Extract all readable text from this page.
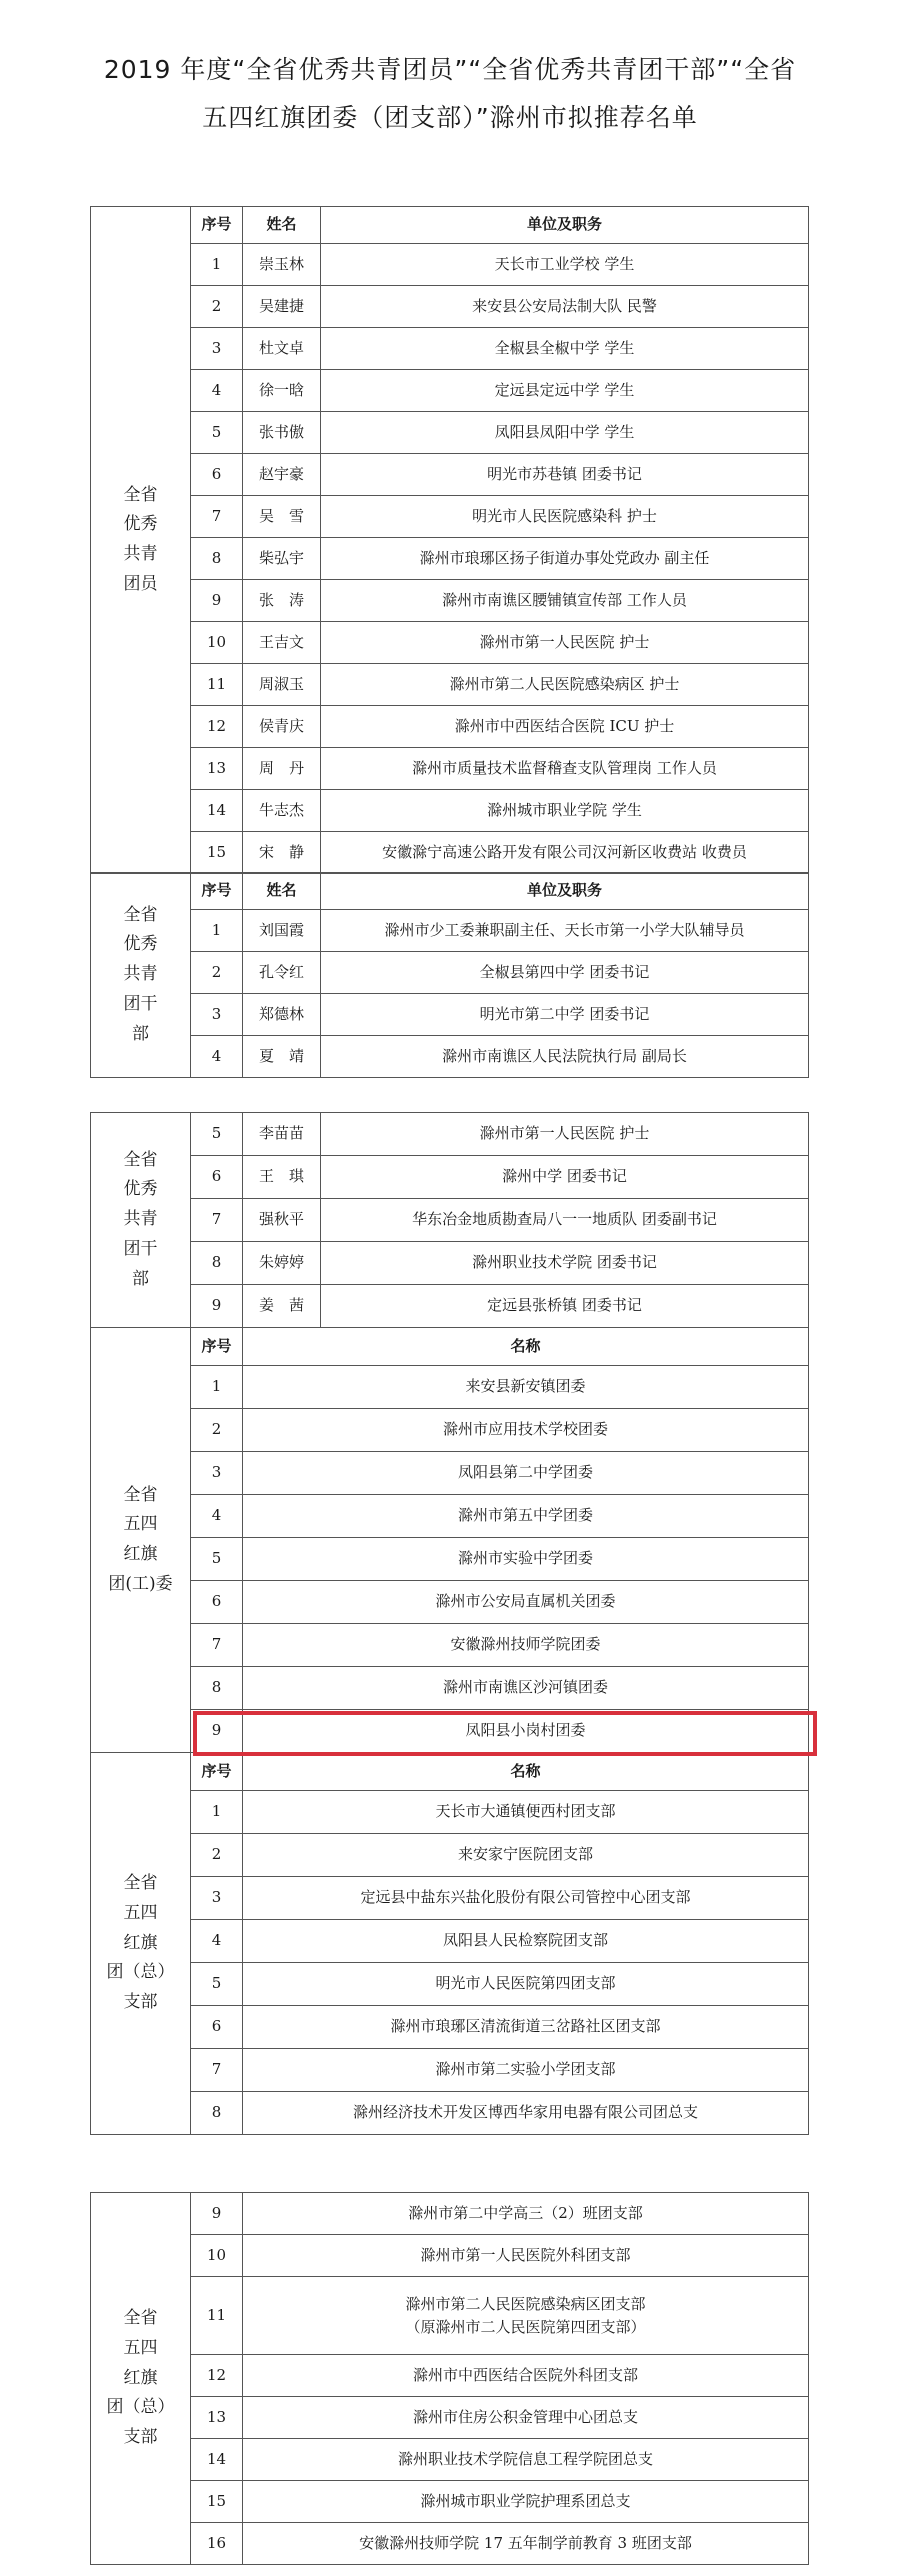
2019 年度“全省优秀共青团员”“全省优秀共青团干部”“全省
五四红旗团委（团支部）”滁州市拟推荐名单
全省
优秀
共青
团员	序号	姓名	单位及职务
	1	崇玉林	天长市工业学校 学生
	2	吴建捷	来安县公安局法制大队 民警
	3	杜文卓	全椒县全椒中学 学生
	4	徐一晗	定远县定远中学 学生
	5	张书傲	凤阳县凤阳中学 学生
	6	赵宇豪	明光市苏巷镇 团委书记
	7	吴　雪	明光市人民医院感染科 护士
	8	柴弘宇	滁州市琅琊区扬子街道办事处党政办 副主任
	9	张　涛	滁州市南谯区腰铺镇宣传部 工作人员
	10	王吉文	滁州市第一人民医院 护士
	11	周淑玉	滁州市第二人民医院感染病区 护士
	12	侯青庆	滁州市中西医结合医院 ICU 护士
	13	周　丹	滁州市质量技术监督稽查支队管理岗 工作人员
	14	牛志杰	滁州城市职业学院 学生
	15	宋　静	安徽滁宁高速公路开发有限公司汉河新区收费站 收费员
全省
优秀
共青
团干
部	序号	姓名	单位及职务
	1	刘国霞	滁州市少工委兼职副主任、天长市第一小学大队辅导员
	2	孔令红	全椒县第四中学 团委书记
	3	郑德林	明光市第二中学 团委书记
	4	夏　靖	滁州市南谯区人民法院执行局 副局长
全省
优秀
共青
团干
部	5	李苗苗	滁州市第一人民医院 护士
	6	王　琪	滁州中学 团委书记
	7	强秋平	华东冶金地质勘查局八一一地质队 团委副书记
	8	朱婷婷	滁州职业技术学院 团委书记
	9	姜　茜	定远县张桥镇 团委书记
全省
五四
红旗
团(工)委	序号	名称	
	1	来安县新安镇团委	
	2	滁州市应用技术学校团委	
	3	凤阳县第二中学团委	
	4	滁州市第五中学团委	
	5	滁州市实验中学团委	
	6	滁州市公安局直属机关团委	
	7	安徽滁州技师学院团委	
	8	滁州市南谯区沙河镇团委	
	9	凤阳县小岗村团委	
全省
五四
红旗
团（总）
支部	序号	名称	
	1	天长市大通镇便西村团支部	
	2	来安家宁医院团支部	
	3	定远县中盐东兴盐化股份有限公司管控中心团支部	
	4	凤阳县人民检察院团支部	
	5	明光市人民医院第四团支部	
	6	滁州市琅琊区清流街道三岔路社区团支部	
	7	滁州市第二实验小学团支部	
	8	滁州经济技术开发区博西华家用电器有限公司团总支	
全省
五四
红旗
团（总）
支部	9	滁州市第二中学高三（2）班团支部
	10	滁州市第一人民医院外科团支部
	11	滁州市第二人民医院感染病区团支部
（原滁州市二人民医院第四团支部）

	12	滁州市中西医结合医院外科团支部
	13	滁州市住房公积金管理中心团总支
	14	滁州职业技术学院信息工程学院团总支
	15	滁州城市职业学院护理系团总支
	16	安徽滁州技师学院 17 五年制学前教育 3 班团支部
